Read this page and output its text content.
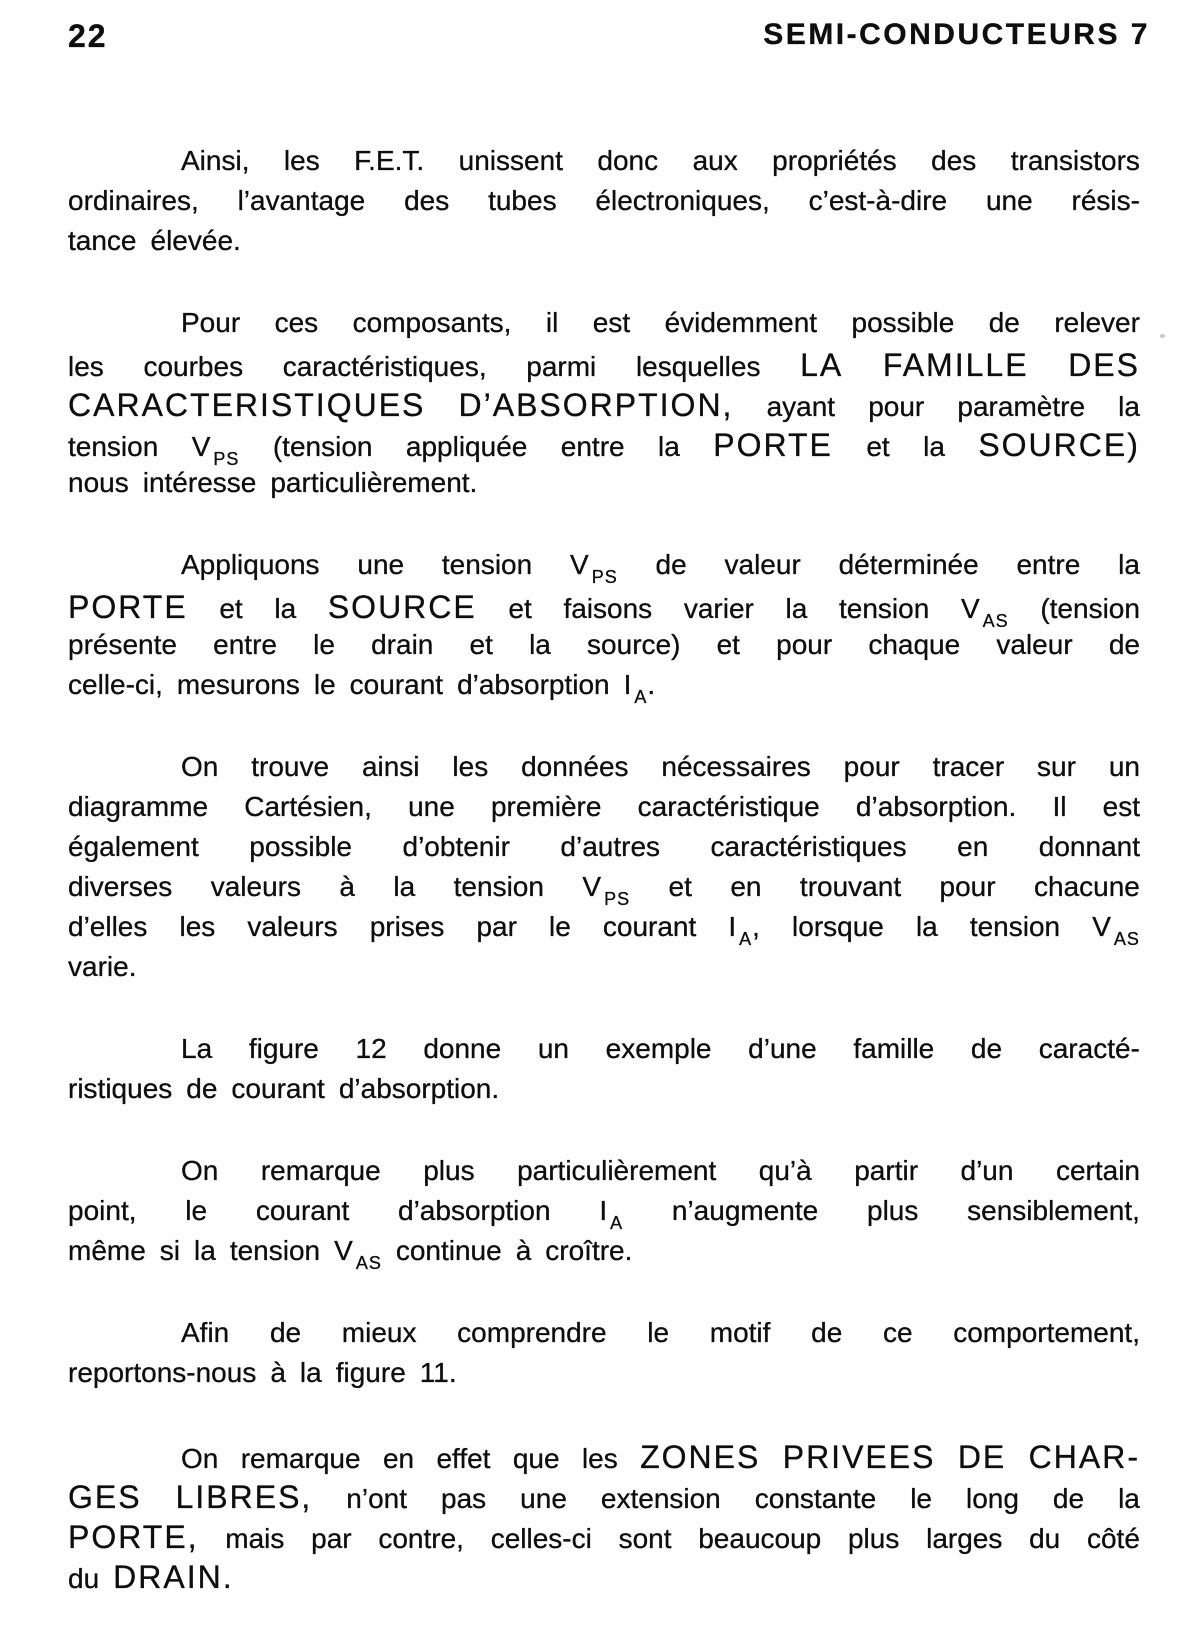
22	SEMI-CONDUCTEURS 7
Ainsi, les F.E.T. unissent donc aux propriétés des transistors
ordinaires, l’avantage des tubes électroniques, c’est-à-dire une résis-
tance élevée.
Pour ces composants, il est évidemment possible de relever
les courbes caractéristiques, parmi lesquelles LA FAMILLE DES
CARACTERISTIQUES D’ABSORPTION, ayant pour paramètre la
tension V $_{PS}$ (tension appliquée entre la PORTE et la SOURCE)
nous intéresse particulièrement.
Appliquons une tension V $_{PS}$ de valeur déterminée entre la
PORTE et la SOURCE et faisons varier la tension V $_{AS}$ (tension
présente entre le drain et la source) et pour chaque valeur de
celle-ci, mesurons le courant d’absorption I $_A$.
On trouve ainsi les données nécessaires pour tracer sur un
diagramme Cartésien, une première caractéristique d’absorption. Il est
également possible d’obtenir d’autres caractéristiques en donnant
diverses valeurs à la tension V $_{PS}$ et en trouvant pour chacune
d’elles les valeurs prises par le courant I $_A$, lorsque la tension V $_{AS}$
varie.
La figure 12 donne un exemple d’une famille de caracté-
ristiques de courant d’absorption.
On remarque plus particulièrement qu’à partir d’un certain
point, le courant d’absorption I $_A$ n’augmente plus sensiblement,
même si la tension V $_{AS}$ continue à croître.
Afin de mieux comprendre le motif de ce comportement,
reportons-nous à la figure 11.
On remarque en effet que les ZONES PRIVEES DE CHAR-
GES LIBRES, n’ont pas une extension constante le long de la
PORTE, mais par contre, celles-ci sont beaucoup plus larges du côté
du DRAIN.
